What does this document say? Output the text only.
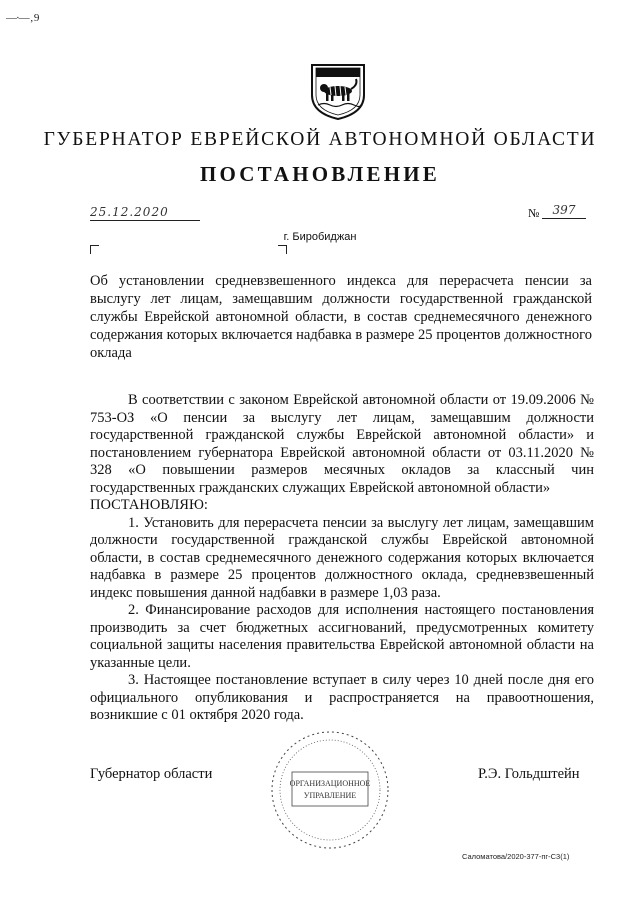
—·— , 9
ГУБЕРНАТОР ЕВРЕЙСКОЙ АВТОНОМНОЙ ОБЛАСТИ
ПОСТАНОВЛЕНИЕ
25.12.2020	№	397
г. Биробиджан
Об установлении средневзвешенного индекса для перерасчета пенсии за выслугу лет лицам, замещавшим должности государственной гражданской службы Еврейской автономной области, в состав среднемесячного денежного содержания которых включается надбавка в размере 25 процентов должностного оклада

В соответствии с законом Еврейской автономной области от 19.09.2006 № 753-ОЗ «О пенсии за выслугу лет лицам, замещавшим должности государственной гражданской службы Еврейской автономной области» и постановлением губернатора Еврейской автономной области от 03.11.2020 № 328 «О повышении размеров месячных окладов за классный чин государственных гражданских служащих Еврейской автономной области»

ПОСТАНОВЛЯЮ:

1. Установить для перерасчета пенсии за выслугу лет лицам, замещавшим должности государственной гражданской службы Еврейской автономной области, в состав среднемесячного денежного содержания которых включается надбавка в размере 25 процентов должностного оклада, средневзвешенный индекс повышения данной надбавки в размере 1,03 раза.

2. Финансирование расходов для исполнения настоящего постановления производить за счет бюджетных ассигнований, предусмотренных комитету социальной защиты населения правительства Еврейской автономной области на указанные цели.

3. Настоящее постановление вступает в силу через 10 дней после дня его официального опубликования и распространяется на правоотношения, возникшие с 01 октября 2020 года.

Губернатор области
ОРГАНИЗАЦИОННОЕ
УПРАВЛЕНИЕ
Р.Э. Гольдштейн
Саломатова/2020-377-пг-С3(1)
